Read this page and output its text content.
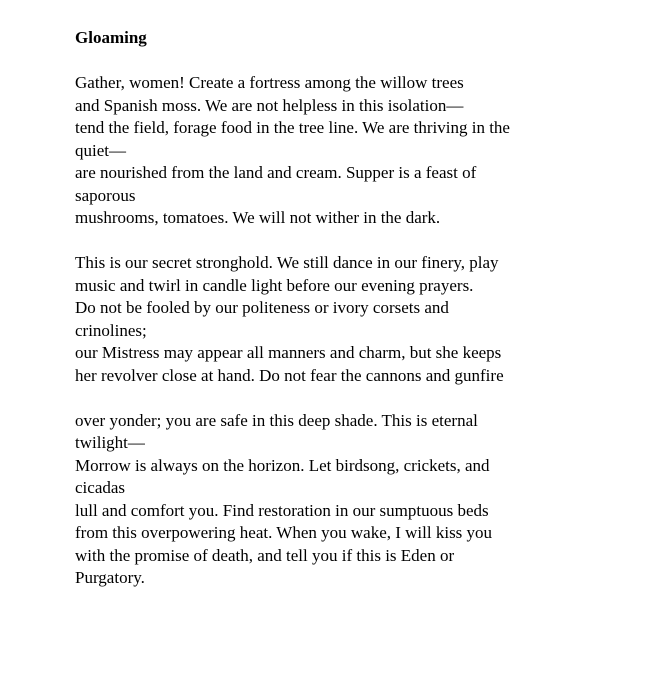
Gloaming
Gather, women! Create a fortress among the willow trees
and Spanish moss. We are not helpless in this isolation—
tend the field, forage food in the tree line. We are thriving in the
quiet—
are nourished from the land and cream. Supper is a feast of
saporous
mushrooms, tomatoes. We will not wither in the dark.
This is our secret stronghold. We still dance in our finery, play
music and twirl in candle light before our evening prayers.
Do not be fooled by our politeness or ivory corsets and
crinolines;
our Mistress may appear all manners and charm, but she keeps
her revolver close at hand. Do not fear the cannons and gunfire
over yonder; you are safe in this deep shade. This is eternal
twilight—
Morrow is always on the horizon. Let birdsong, crickets, and
cicadas
lull and comfort you. Find restoration in our sumptuous beds
from this overpowering heat. When you wake, I will kiss you
with the promise of death, and tell you if this is Eden or
Purgatory.
